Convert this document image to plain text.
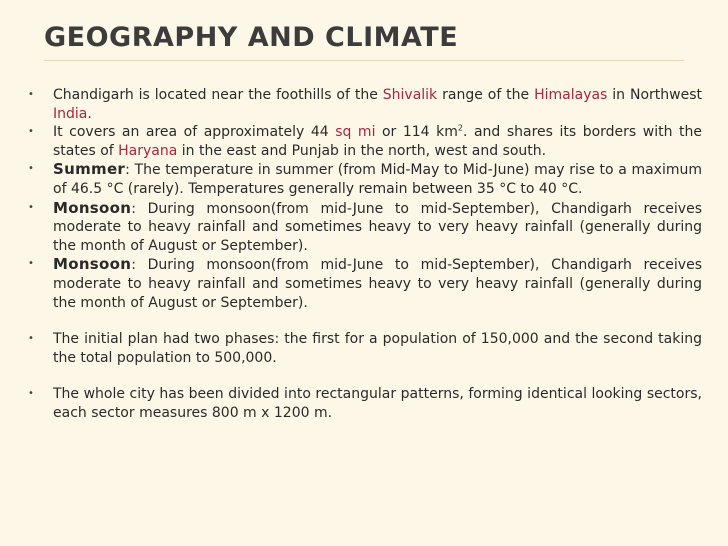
GEOGRAPHY AND CLIMATE
• Chandigarh is located near the foothills of the Shivalik range of the Himalayas in Northwest India.
• It covers an area of approximately 44 sq mi or 114 $km^2$. and shares its borders with the states of Haryana in the east and Punjab in the north, west and south.
• Summer: The temperature in summer (from Mid-May to Mid-June) may rise to a maximum of 46.5 °C (rarely). Temperatures generally remain between 35 °C to 40 °C.
• Monsoon: During monsoon(from mid-June to mid-September), Chandigarh receives moderate to heavy rainfall and sometimes heavy to very heavy rainfall (generally during the month of August or September).
• Monsoon: During monsoon(from mid-June to mid-September), Chandigarh receives moderate to heavy rainfall and sometimes heavy to very heavy rainfall (generally during the month of August or September).
• The initial plan had two phases: the first for a population of 150,000 and the second taking the total population to 500,000.
• The whole city has been divided into rectangular patterns, forming identical looking sectors, each sector measures 800 m x 1200 m.
